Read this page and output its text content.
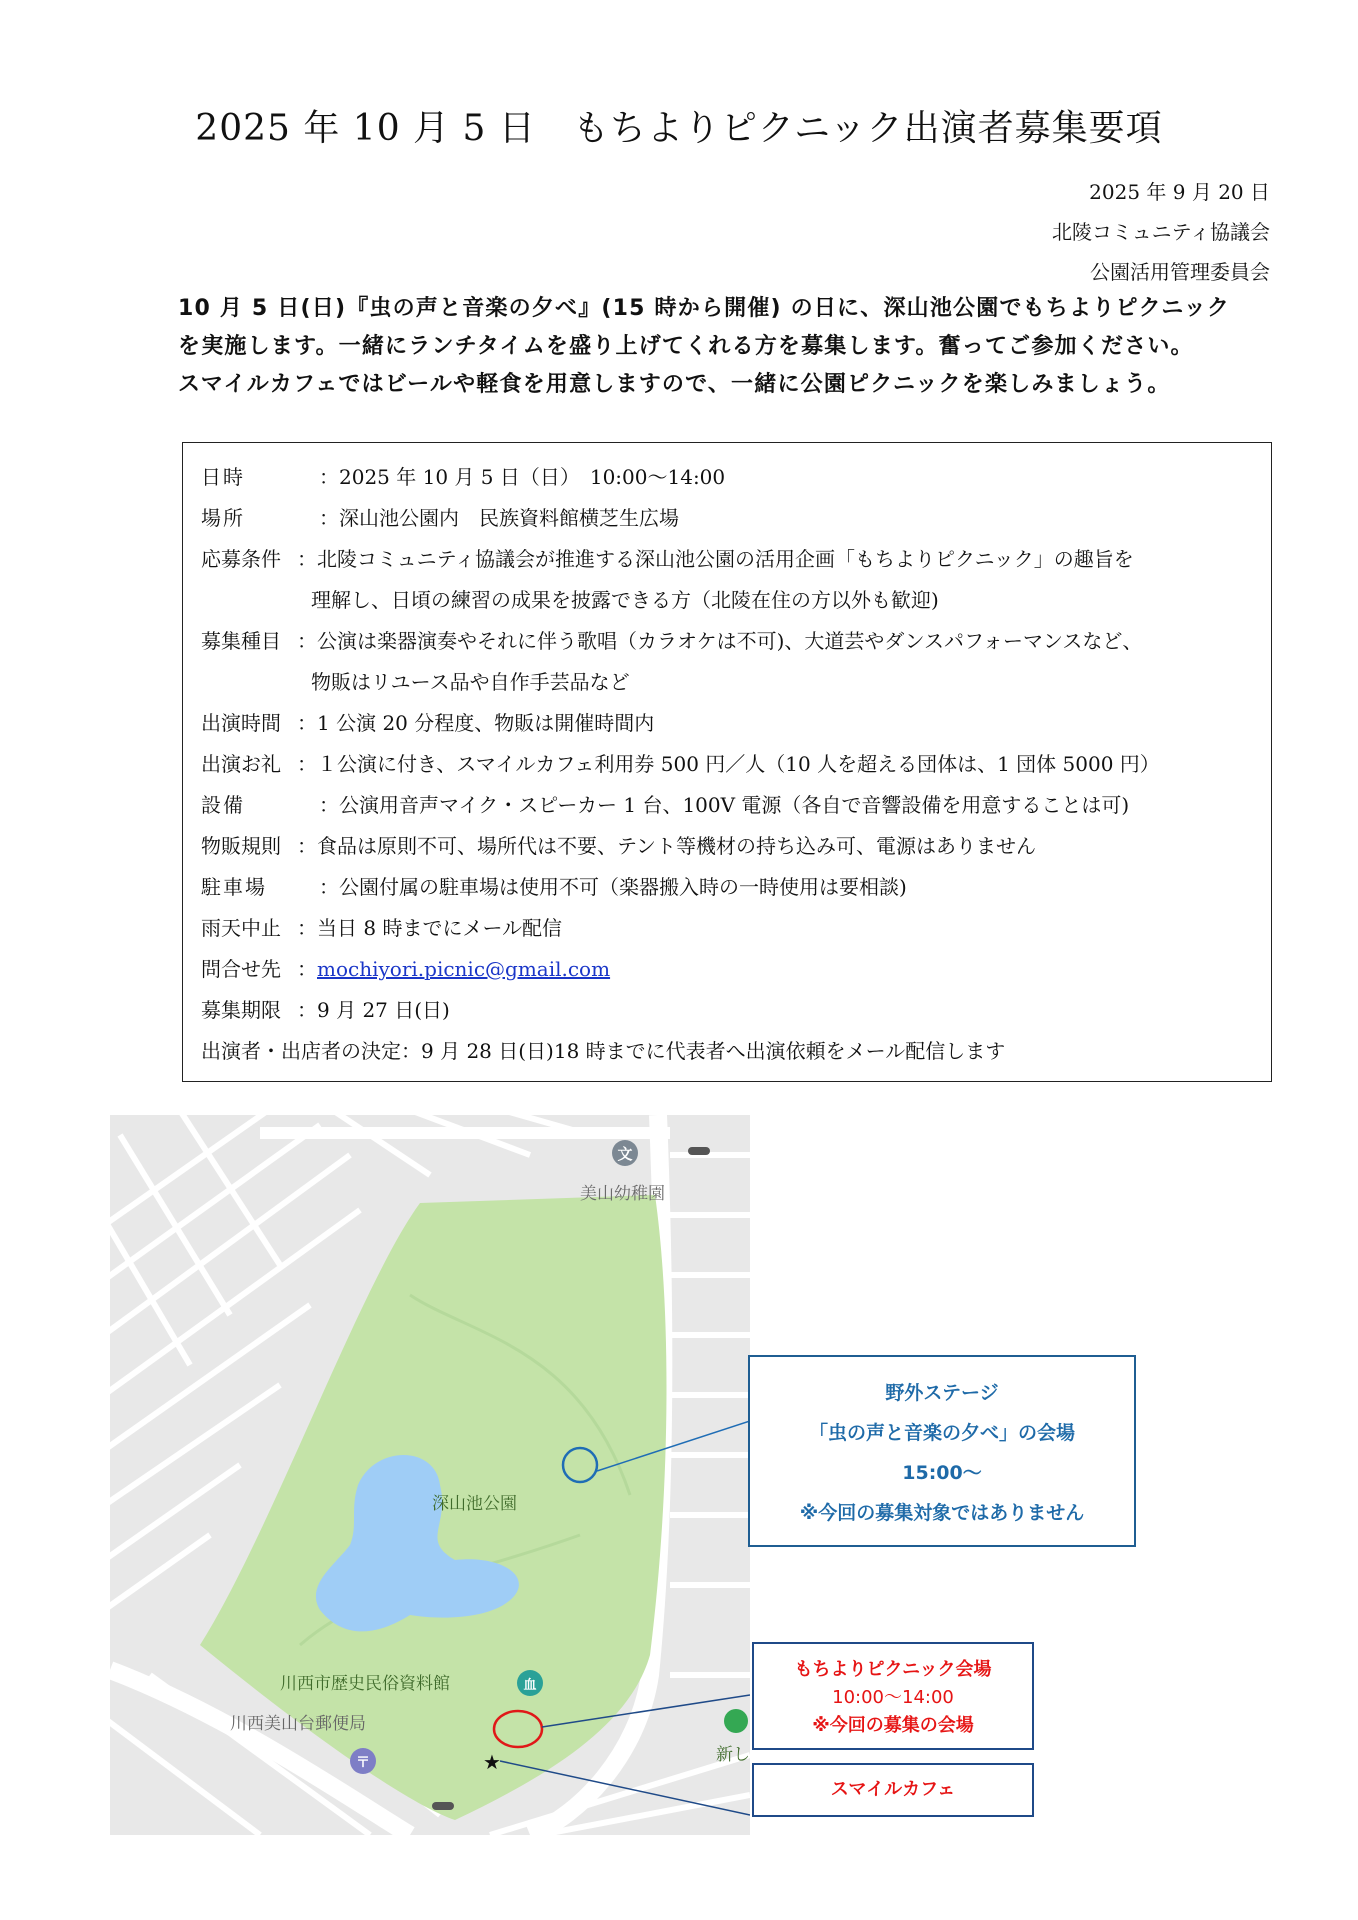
2025 年 10 月 5 日　もちよりピクニック出演者募集要項
2025 年 9 月 20 日
北陵コミュニティ協議会
公園活用管理委員会
10 月 5 日(日)『虫の声と音楽の夕べ』(15 時から開催) の日に、深山池公園でもちよりピクニック
を実施します。一緒にランチタイムを盛り上げてくれる方を募集します。奮ってご参加ください。
スマイルカフェではビールや軽食を用意しますので、一緒に公園ピクニックを楽しみましょう。
日時	：2025 年 10 月 5 日（日）　10:00～14:00
場所	：深山池公園内　民族資料館横芝生広場
応募条件 ：北陵コミュニティ協議会が推進する深山池公園の活用企画「もちよりピクニック」の趣旨を
理解し、日頃の練習の成果を披露できる方（北陵在住の方以外も歓迎)
募集種目 ：公演は楽器演奏やそれに伴う歌唱（カラオケは不可)、大道芸やダンスパフォーマンスなど、
物販はリユース品や自作手芸品など
出演時間 ：1 公演 20 分程度、物販は開催時間内
出演お礼 ：１公演に付き、スマイルカフェ利用券 500 円／人（10 人を超える団体は、1 団体 5000 円）
設備	：公演用音声マイク・スピーカー 1 台、100V 電源（各自で音響設備を用意することは可)
物販規則 ：食品は原則不可、場所代は不要、テント等機材の持ち込み可、電源はありません
駐車場	：公園付属の駐車場は使用不可（楽器搬入時の一時使用は要相談)
雨天中止 ：当日 8 時までにメール配信
問合せ先 ：mochiyori.picnic@gmail.com
募集期限 ：9 月 27 日(日)
出演者・出店者の決定 ：9 月 28 日(日)18 時までに代表者へ出演依頼をメール配信します
文
美山幼稚園
深山池公園
川西市歴史民俗資料館	血
川西美山台郵便局
〒	新し
★
野外ステージ
「虫の声と音楽の夕べ」の会場
15:00～
※今回の募集対象ではありません
もちよりピクニック会場
10:00～14:00
※今回の募集の会場
スマイルカフェ
